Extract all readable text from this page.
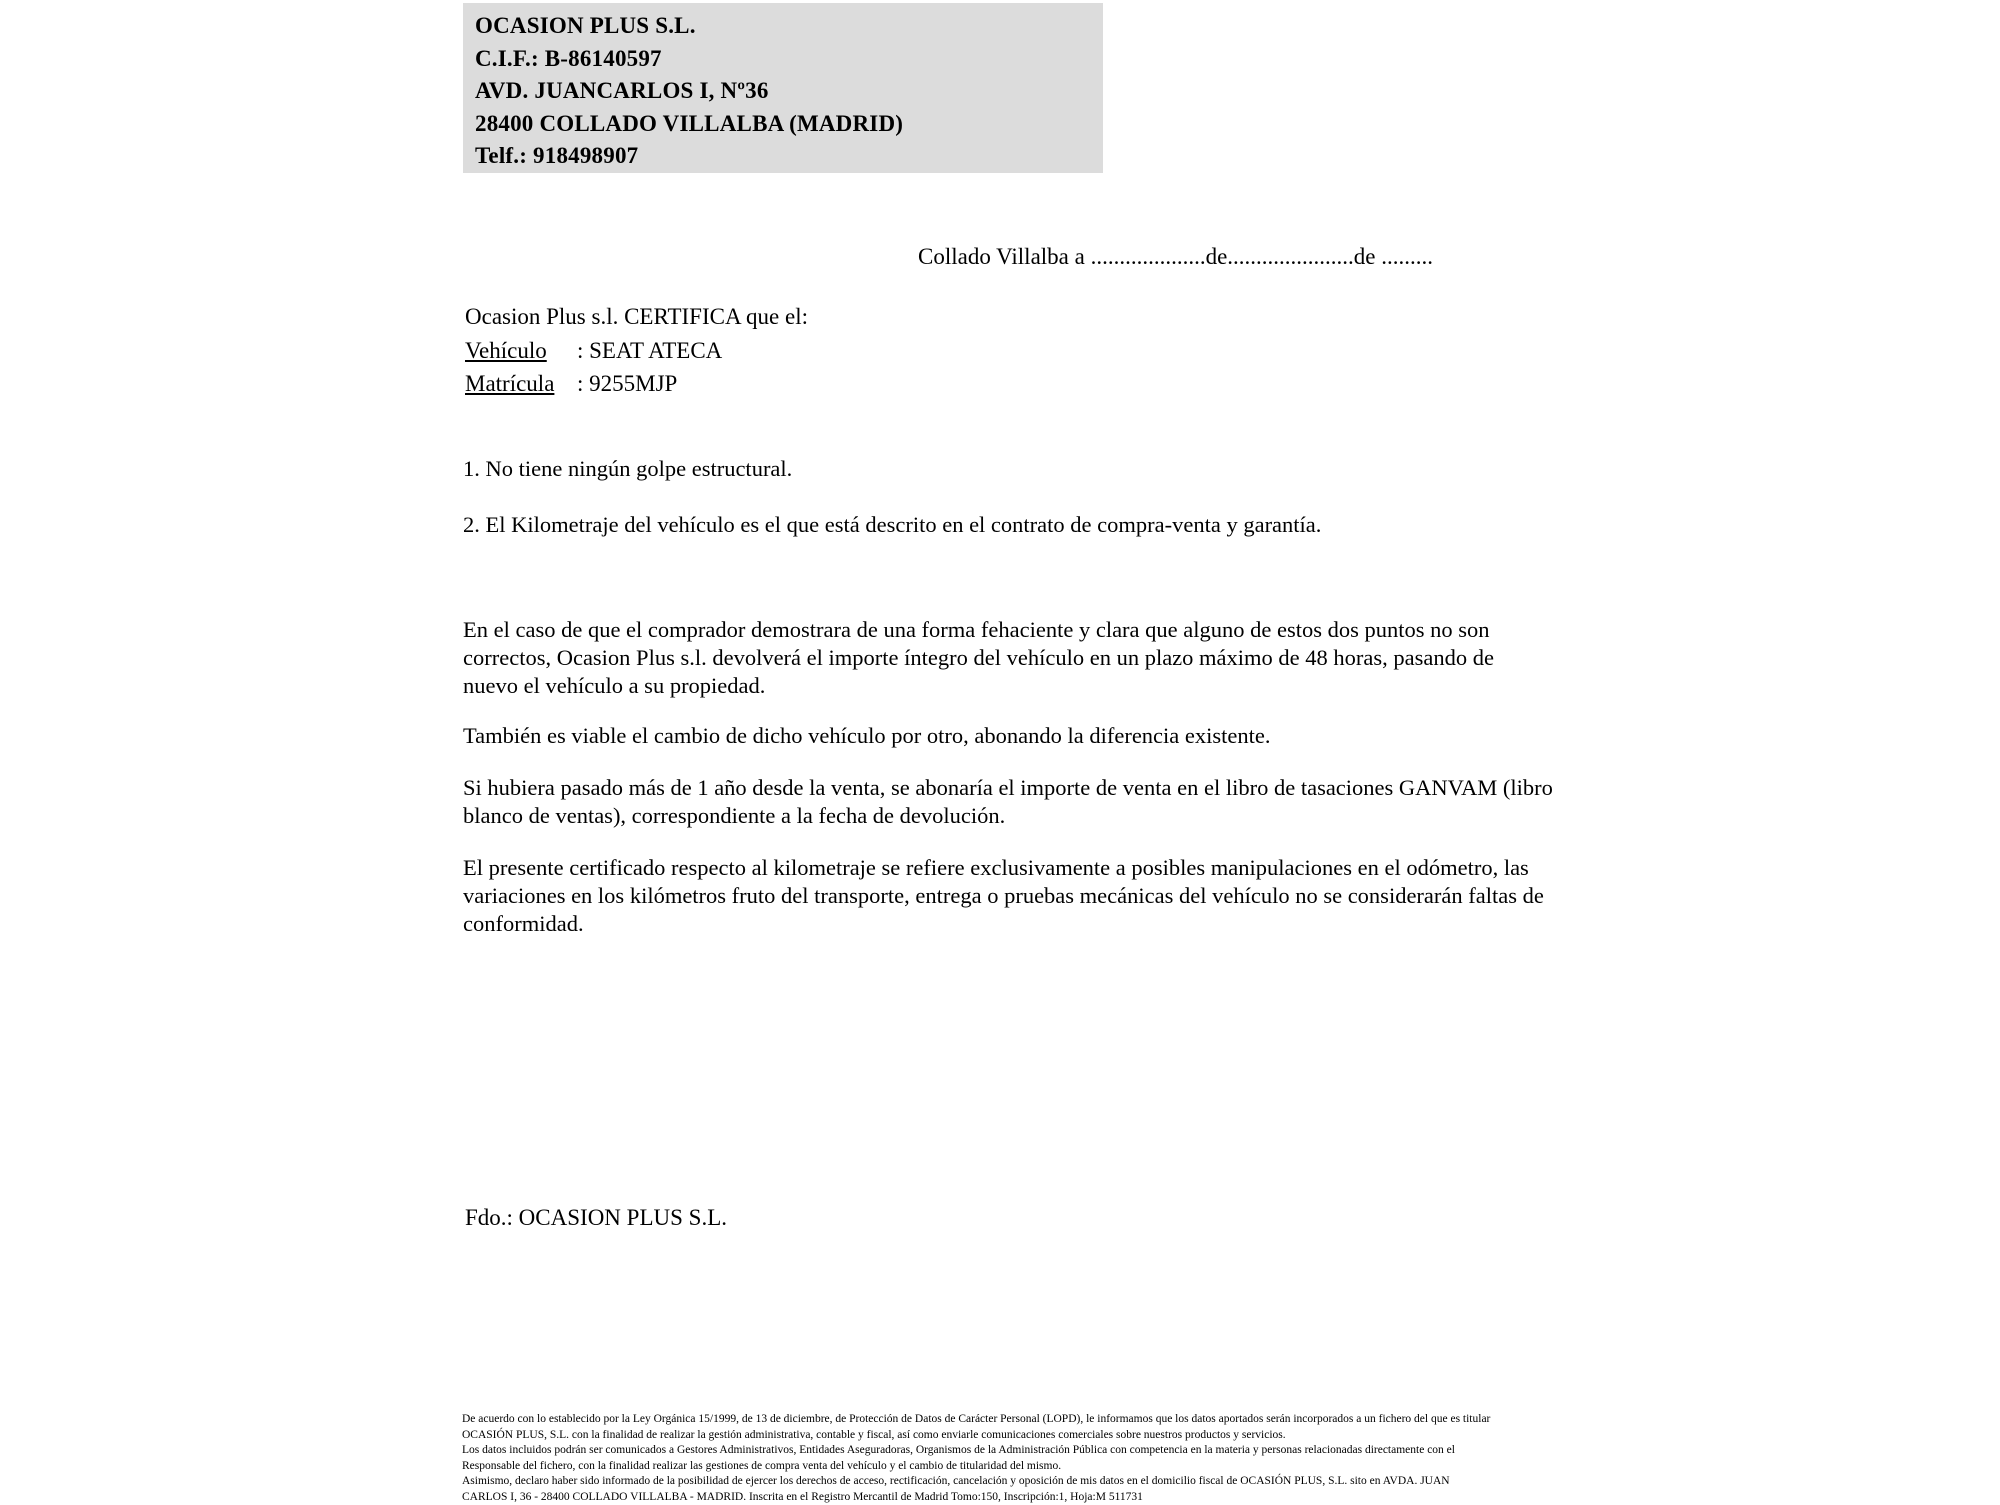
OCASION PLUS S.L.
C.I.F.: B-86140597
AVD. JUANCARLOS I, Nº36
28400 COLLADO VILLALBA (MADRID)
Telf.: 918498907
Collado Villalba a ....................de......................de .........
Ocasion Plus s.l. CERTIFICA que el:
Vehículo : SEAT ATECA
Matrícula : 9255MJP

1. No tiene ningún golpe estructural.

2. El Kilometraje del vehículo es el que está descrito en el contrato de compra-venta y garantía.

En el caso de que el comprador demostrara de una forma fehaciente y clara que alguno de estos dos puntos no son correctos, Ocasion Plus s.l. devolverá el importe íntegro del vehículo en un plazo máximo de 48 horas, pasando de nuevo el vehículo a su propiedad.

También es viable el cambio de dicho vehículo por otro, abonando la diferencia existente.

Si hubiera pasado más de 1 año desde la venta, se abonaría el importe de venta en el libro de tasaciones GANVAM (libro blanco de ventas), correspondiente a la fecha de devolución.

El presente certificado respecto al kilometraje se refiere exclusivamente a posibles manipulaciones en el odómetro, las variaciones en los kilómetros fruto del transporte, entrega o pruebas mecánicas del vehículo no se considerarán faltas de conformidad.

Fdo.: OCASION PLUS S.L.
De acuerdo con lo establecido por la Ley Orgánica 15/1999, de 13 de diciembre, de Protección de Datos de Carácter Personal (LOPD), le informamos que los datos aportados serán incorporados a un fichero del que es titular
OCASIÓN PLUS, S.L. con la finalidad de realizar la gestión administrativa, contable y fiscal, así como enviarle comunicaciones comerciales sobre nuestros productos y servicios.
Los datos incluidos podrán ser comunicados a Gestores Administrativos, Entidades Aseguradoras, Organismos de la Administración Pública con competencia en la materia y personas relacionadas directamente con el
Responsable del fichero, con la finalidad realizar las gestiones de compra venta del vehículo y el cambio de titularidad del mismo.
Asimismo, declaro haber sido informado de la posibilidad de ejercer los derechos de acceso, rectificación, cancelación y oposición de mis datos en el domicilio fiscal de OCASIÓN PLUS, S.L. sito en AVDA. JUAN
CARLOS I, 36 - 28400 COLLADO VILLALBA - MADRID. Inscrita en el Registro Mercantil de Madrid Tomo:150, Inscripción:1, Hoja:M 511731
